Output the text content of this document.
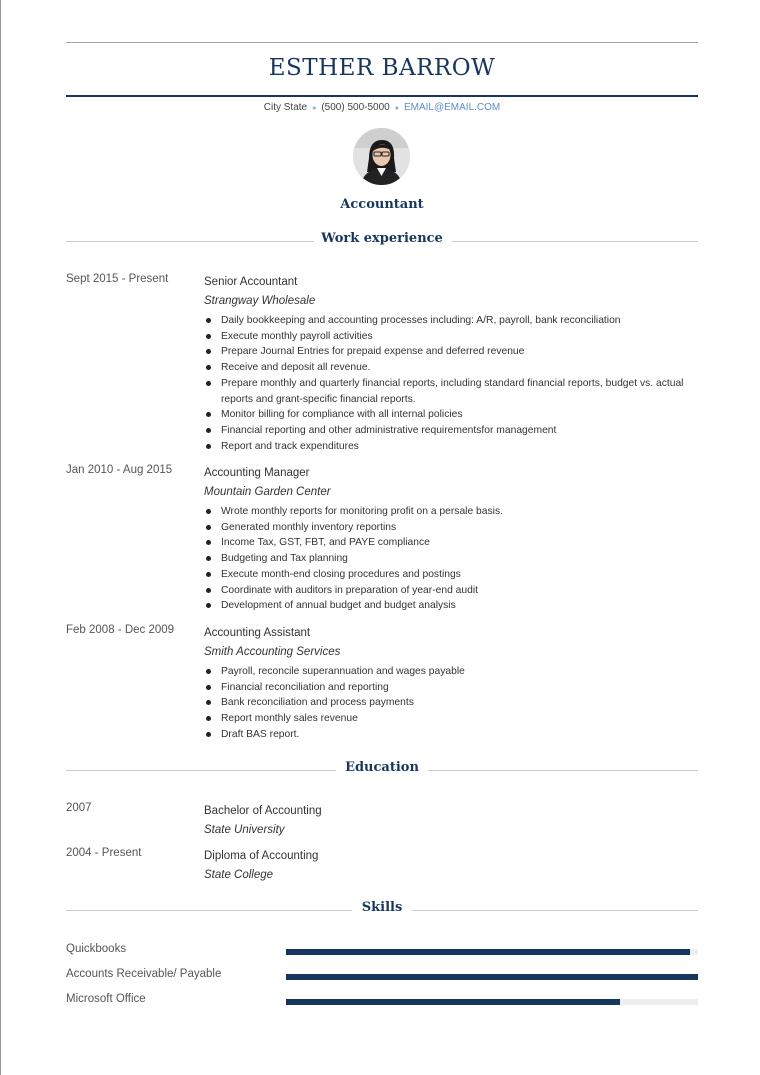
ESTHER BARROW
City State ● (500) 500-5000 ● EMAIL@EMAIL.COM
Accountant
Work experience
Sept 2015 - Present	Senior Accountant
Strangway Wholesale
Daily bookkeeping and accounting processes including: A/R, payroll, bank reconciliation
Execute monthly payroll activities
Prepare Journal Entries for prepaid expense and deferred revenue
Receive and deposit all revenue.
Prepare monthly and quarterly financial reports, including standard financial reports, budget vs. actual reports and grant-specific financial reports.
Monitor billing for compliance with all internal policies
Financial reporting and other administrative requirementsfor management
Report and track expenditures
Jan 2010 - Aug 2015	Accounting Manager
Mountain Garden Center
Wrote monthly reports for monitoring profit on a persale basis.
Generated monthly inventory reportins
Income Tax, GST, FBT, and PAYE compliance
Budgeting and Tax planning
Execute month-end closing procedures and postings
Coordinate with auditors in preparation of year-end audit
Development of annual budget and budget analysis
Feb 2008 - Dec 2009	Accounting Assistant
Smith Accounting Services
Payroll, reconcile superannuation and wages payable
Financial reconciliation and reporting
Bank reconciliation and process payments
Report monthly sales revenue
Draft BAS report.
Education
2007	Bachelor of Accounting
State University
2004 - Present	Diploma of Accounting
State College
Skills
Quickbooks
Accounts Receivable/ Payable
Microsoft Office
